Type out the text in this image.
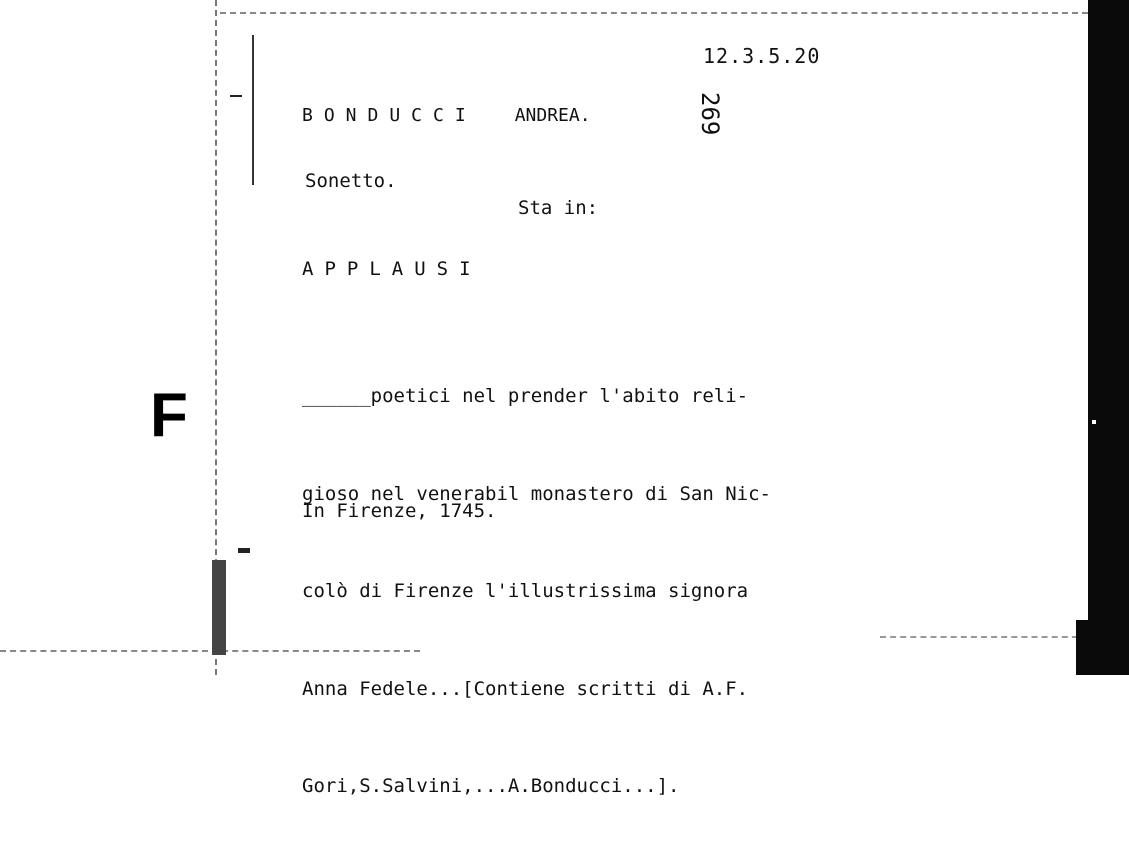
12.3.5.20
269
BONDUCCI ANDREA.
Sonetto.
Sta in:
APPLAUSI

______poetici nel prender l'abito reli-

gioso nel venerabil monastero di San Nic-

colò di Firenze l'illustrissima signora

Anna Fedele...[Contiene scritti di A.F.

Gori,S.Salvini,...A.Bonducci...].

In Firenze, 1745.
F
